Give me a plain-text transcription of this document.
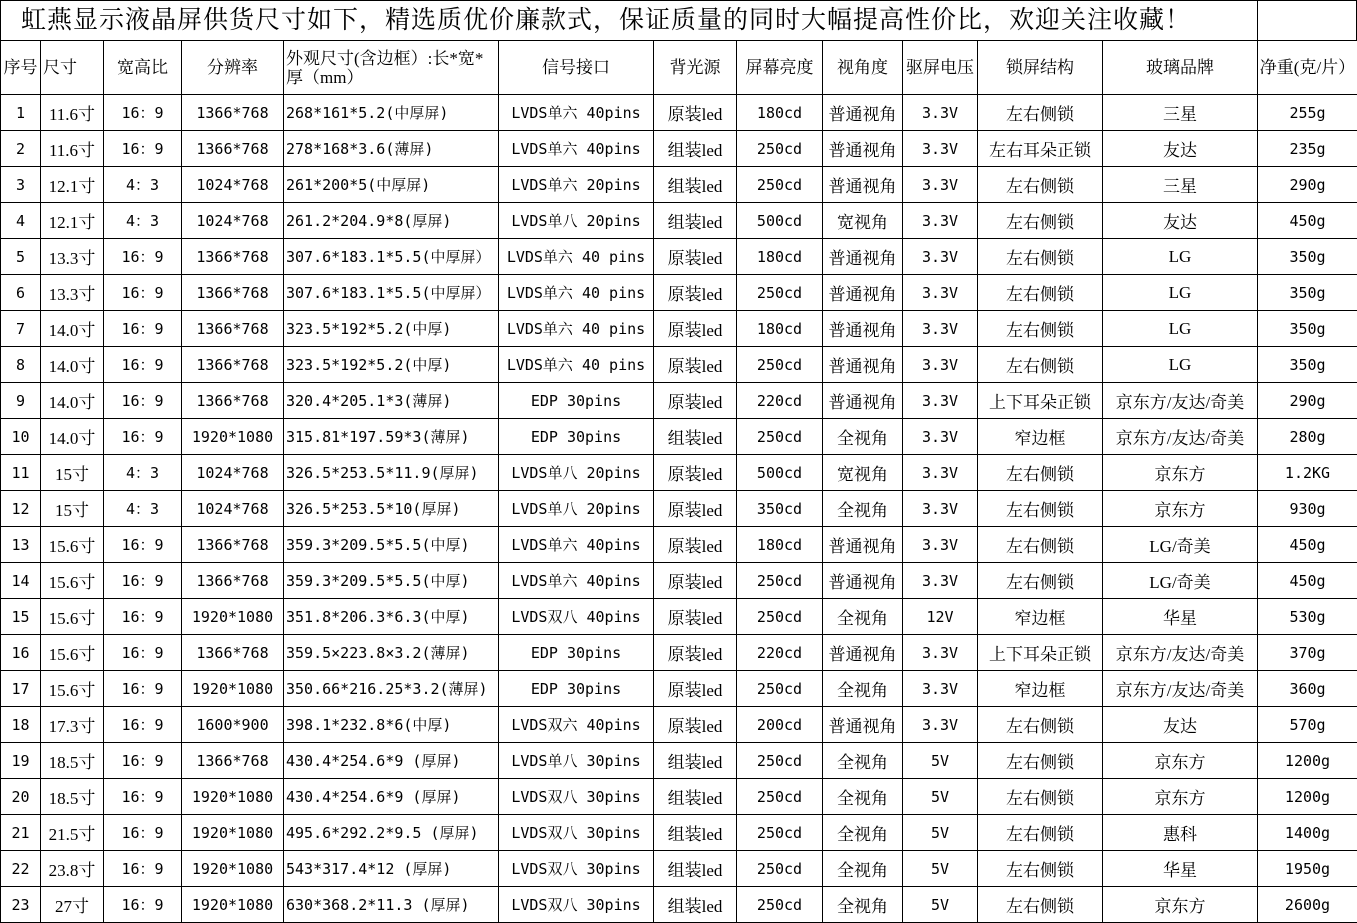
虹燕显示液晶屏供货尺寸如下，精选质优价廉款式，保证质量的同时大幅提高性价比，欢迎关注收藏！
序号	尺寸	宽高比	分辨率	外观尺寸(含边框）:长*宽*厚（mm）	信号接口	背光源	屏幕亮度	视角度	驱屏电压	锁屏结构	玻璃品牌	净重(克/片）
1	11.6寸	16：9	1366*768	268*161*5.2(中厚屏)	LVDS单六 40pins	原装led	180cd	普通视角	3.3V	左右侧锁	三星	255g
2	11.6寸	16：9	1366*768	278*168*3.6(薄屏)	LVDS单六 40pins	组装led	250cd	普通视角	3.3V	左右耳朵正锁	友达	235g
3	12.1寸	4：3	1024*768	261*200*5(中厚屏)	LVDS单六 20pins	组装led	250cd	普通视角	3.3V	左右侧锁	三星	290g
4	12.1寸	4：3	1024*768	261.2*204.9*8(厚屏)	LVDS单八 20pins	组装led	500cd	宽视角	3.3V	左右侧锁	友达	450g
5	13.3寸	16：9	1366*768	307.6*183.1*5.5(中厚屏）	LVDS单六 40 pins	原装led	180cd	普通视角	3.3V	左右侧锁	LG	350g
6	13.3寸	16：9	1366*768	307.6*183.1*5.5(中厚屏）	LVDS单六 40 pins	原装led	250cd	普通视角	3.3V	左右侧锁	LG	350g
7	14.0寸	16：9	1366*768	323.5*192*5.2(中厚)	LVDS单六 40 pins	原装led	180cd	普通视角	3.3V	左右侧锁	LG	350g
8	14.0寸	16：9	1366*768	323.5*192*5.2(中厚)	LVDS单六 40 pins	原装led	250cd	普通视角	3.3V	左右侧锁	LG	350g
9	14.0寸	16：9	1366*768	320.4*205.1*3(薄屏)	EDP 30pins	原装led	220cd	普通视角	3.3V	上下耳朵正锁	京东方/友达/奇美	290g
10	14.0寸	16：9	1920*1080	315.81*197.59*3(薄屏)	EDP 30pins	组装led	250cd	全视角	3.3V	窄边框	京东方/友达/奇美	280g
11	15寸	4：3	1024*768	326.5*253.5*11.9(厚屏)	LVDS单八 20pins	原装led	500cd	宽视角	3.3V	左右侧锁	京东方	1.2KG
12	15寸	4：3	1024*768	326.5*253.5*10(厚屏)	LVDS单八 20pins	原装led	350cd	全视角	3.3V	左右侧锁	京东方	930g
13	15.6寸	16：9	1366*768	359.3*209.5*5.5(中厚)	LVDS单六 40pins	原装led	180cd	普通视角	3.3V	左右侧锁	LG/奇美	450g
14	15.6寸	16：9	1366*768	359.3*209.5*5.5(中厚)	LVDS单六 40pins	原装led	250cd	普通视角	3.3V	左右侧锁	LG/奇美	450g
15	15.6寸	16：9	1920*1080	351.8*206.3*6.3(中厚)	LVDS双八 40pins	原装led	250cd	全视角	12V	窄边框	华星	530g
16	15.6寸	16：9	1366*768	359.5×223.8×3.2(薄屏)	EDP 30pins	原装led	220cd	普通视角	3.3V	上下耳朵正锁	京东方/友达/奇美	370g
17	15.6寸	16：9	1920*1080	350.66*216.25*3.2(薄屏)	EDP 30pins	原装led	250cd	全视角	3.3V	窄边框	京东方/友达/奇美	360g
18	17.3寸	16：9	1600*900	398.1*232.8*6(中厚)	LVDS双六 40pins	原装led	200cd	普通视角	3.3V	左右侧锁	友达	570g
19	18.5寸	16：9	1366*768	430.4*254.6*9 (厚屏)	LVDS单八 30pins	组装led	250cd	全视角	5V	左右侧锁	京东方	1200g
20	18.5寸	16：9	1920*1080	430.4*254.6*9 (厚屏)	LVDS双八 30pins	组装led	250cd	全视角	5V	左右侧锁	京东方	1200g
21	21.5寸	16：9	1920*1080	495.6*292.2*9.5 (厚屏)	LVDS双八 30pins	组装led	250cd	全视角	5V	左右侧锁	惠科	1400g
22	23.8寸	16：9	1920*1080	543*317.4*12 (厚屏)	LVDS双八 30pins	组装led	250cd	全视角	5V	左右侧锁	华星	1950g
23	27寸	16：9	1920*1080	630*368.2*11.3 (厚屏)	LVDS双八 30pins	组装led	250cd	全视角	5V	左右侧锁	京东方	2600g
